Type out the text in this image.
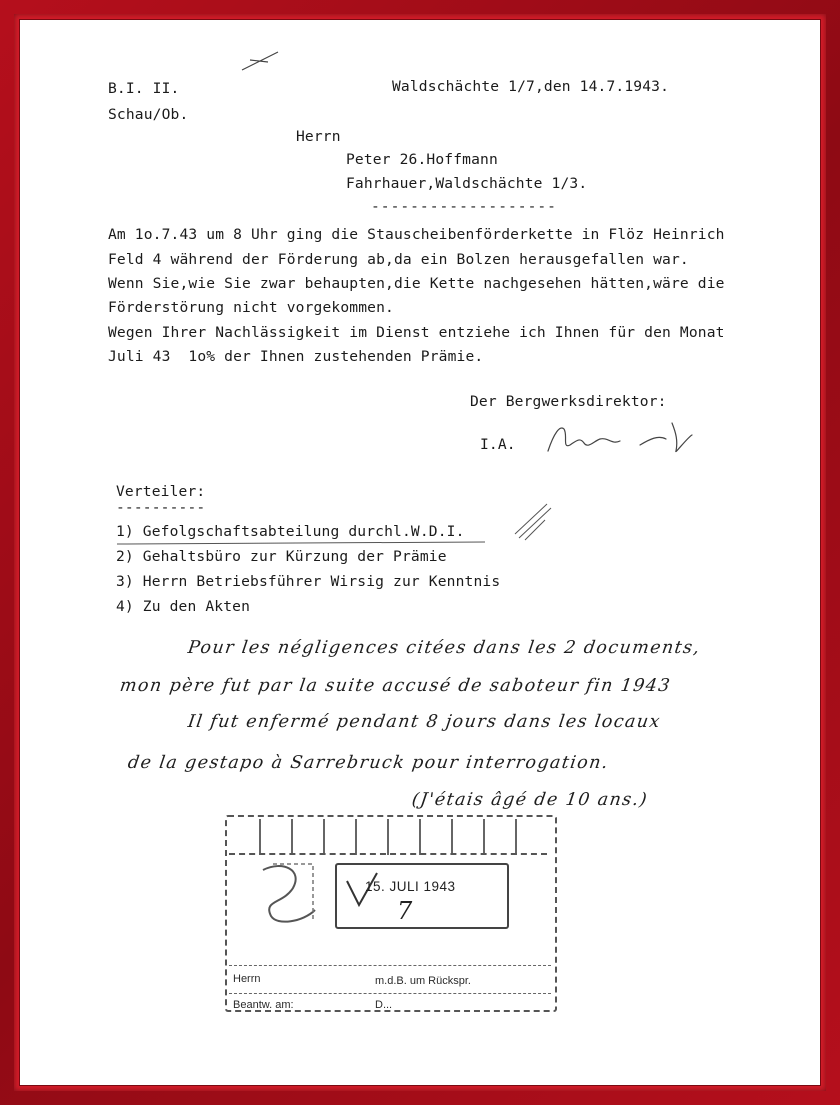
B.I. II.
Schau/Ob.
Waldschächte 1/7,den 14.7.1943.
Herrn
Peter 26.Hoffmann
Fahrhauer,Waldschächte 1/3.
-------------------
Am 1o.7.43 um 8 Uhr ging die Stauscheibenförderkette in Flöz Heinrich
Feld 4 während der Förderung ab,da ein Bolzen herausgefallen war.
Wenn Sie,wie Sie zwar behaupten,die Kette nachgesehen hätten,wäre die
Förderstörung nicht vorgekommen.
Wegen Ihrer Nachlässigkeit im Dienst entziehe ich Ihnen für den Monat
Juli 43  1o% der Ihnen zustehenden Prämie.
Der Bergwerksdirektor:
I.A.
Verteiler:
----------
1) Gefolgschaftsabteilung durchl.W.D.I.
2) Gehaltsbüro zur Kürzung der Prämie
3) Herrn Betriebsführer Wirsig zur Kenntnis
4) Zu den Akten
Pour les négligences citées dans les 2 documents,
mon père fut par la suite accusé de saboteur fin 1943
Il fut enfermé pendant 8 jours dans les locaux
de la gestapo à Sarrebruck pour interrogation.
(J'étais âgé de 10 ans.)
15. JULI 1943
7
Herrn	m.d.B. um Rückspr.
Beantw. am:	D...
